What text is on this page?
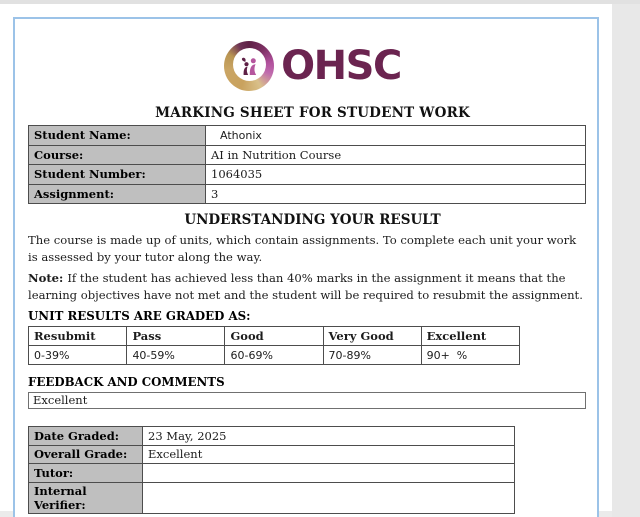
OHSC
MARKING SHEET FOR STUDENT WORK
Student Name:	Athonix
Course:	AI in Nutrition Course
Student Number:	1064035
Assignment:	3
UNDERSTANDING YOUR RESULT

The course is made up of units, which contain assignments. To complete each unit your work is assessed by your tutor along the way.

Note: If the student has achieved less than 40% marks in the assignment it means that the learning objectives have not met and the student will be required to resubmit the assignment.

UNIT RESULTS ARE GRADED AS:
Resubmit	Pass	Good	Very Good	Excellent
0-39%	40-59%	60-69%	70-89%	90+  %
FEEDBACK AND COMMENTS
Excellent
Date Graded:	23 May, 2025
Overall Grade:	Excellent
Tutor:	
Internal Verifier:	
